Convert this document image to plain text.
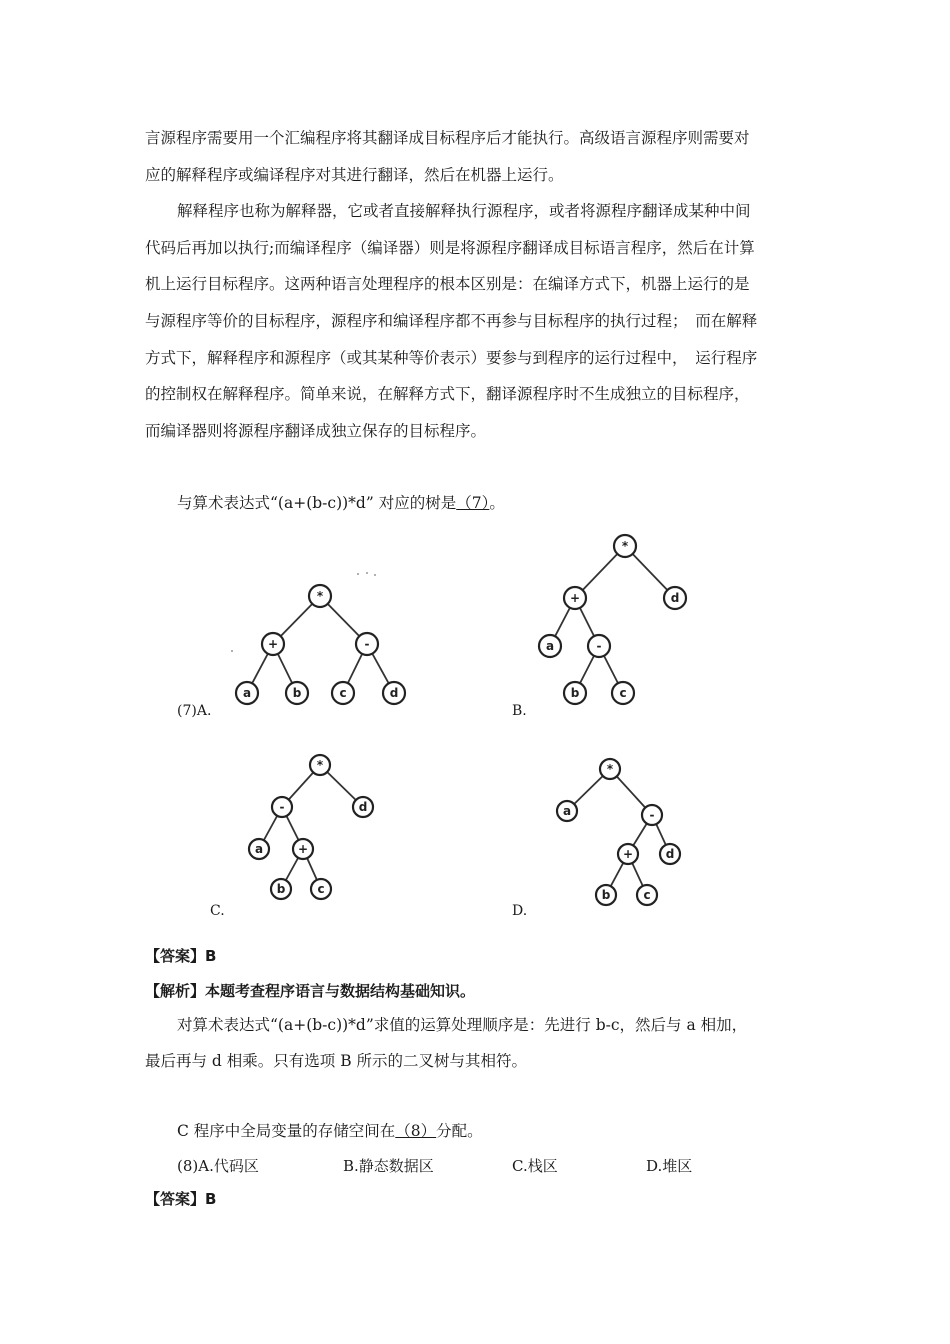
言源程序需要用一个汇编程序将其翻译成目标程序后才能执行。高级语言源程序则需要对
应的解释程序或编译程序对其进行翻译，然后在机器上运行。
解释程序也称为解释器，它或者直接解释执行源程序，或者将源程序翻译成某种中间
代码后再加以执行;而编译程序（编译器）则是将源程序翻译成目标语言程序，然后在计算
机上运行目标程序。这两种语言处理程序的根本区别是：在编译方式下，机器上运行的是
与源程序等价的目标程序，源程序和编译程序都不再参与目标程序的执行过程；　而在解释
方式下，解释程序和源程序（或其某种等价表示）要参与到程序的运行过程中，　运行程序
的控制权在解释程序。简单来说，在解释方式下，翻译源程序时不生成独立的目标程序，
而编译器则将源程序翻译成独立保存的目标程序。
与算术表达式“(a+(b-c))*d” 对应的树是（7）。
*
+	-
a	b	c	d
(7)A.
*
+	d
a	-
b	c
B.
*
-	d
a	+
b	c
C.
*
a	-
+	d
b	c
D.
【答案】B
【解析】本题考查程序语言与数据结构基础知识。
对算术表达式“(a+(b-c))*d”求值的运算处理顺序是：先进行 b-c，然后与 a 相加，
最后再与 d 相乘。只有选项 B 所示的二叉树与其相符。
C 程序中全局变量的存储空间在（8）分配。
(8)A.代码区	B.静态数据区	C.栈区	D.堆区
【答案】B
